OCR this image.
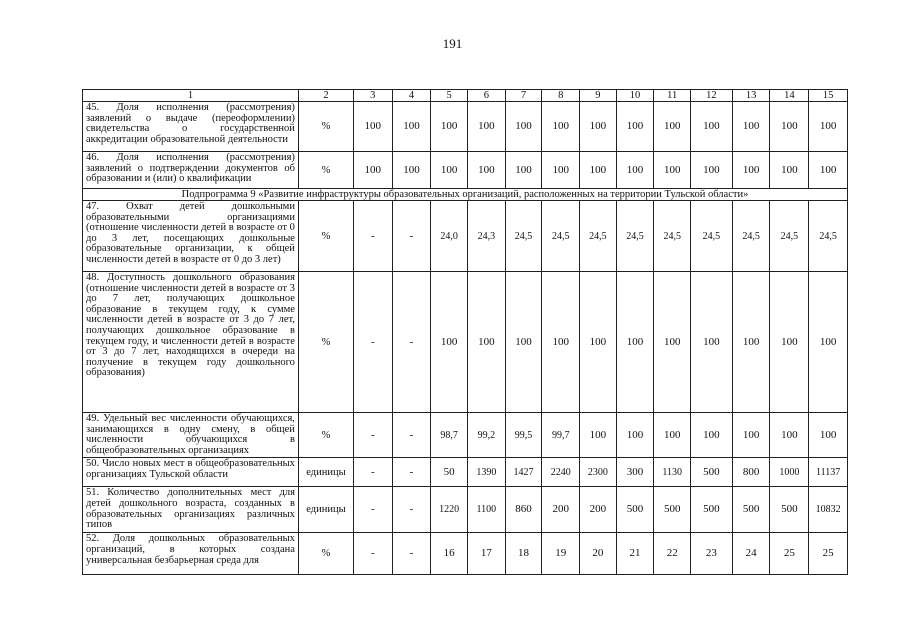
191
1	2	3	4	5	6	7	8	9	10	11	12	13	14	15
45. Доля исполнения (рассмотрения) заявлений о выдаче (переоформлении) свидетельства о государственной аккредитации образовательной деятельности	%	100	100	100	100	100	100	100	100	100	100	100	100	100
46. Доля исполнения (рассмотрения) заявлений о подтверждении документов об образовании и (или) о квалификации	%	100	100	100	100	100	100	100	100	100	100	100	100	100
Подпрограмма 9 «Развитие инфраструктуры образовательных организаций, расположенных на территории Тульской области»														
47. Охват детей дошкольными образовательными организациями (отношение численности детей в возрасте от 0 до 3 лет, посещающих дошкольные образовательные организации, к общей численности детей в возрасте от 0 до 3 лет)	%	-	-	24,0	24,3	24,5	24,5	24,5	24,5	24,5	24,5	24,5	24,5	24,5
48. Доступность дошкольного образования (отношение численности детей в возрасте от 3 до 7 лет, получающих дошкольное образование в текущем году, к сумме численности детей в возрасте от 3 до 7 лет, получающих дошкольное образование в текущем году, и численности детей в возрасте от 3 до 7 лет, находящихся в очереди на получение в текущем году дошкольного образования)	%	-	-	100	100	100	100	100	100	100	100	100	100	100
49. Удельный вес численности обучающихся, занимающихся в одну смену, в общей численности обучающихся в общеобразовательных организациях	%	-	-	98,7	99,2	99,5	99,7	100	100	100	100	100	100	100
50. Число новых мест в общеобразовательных организациях Тульской области	единицы	-	-	50	1390	1427	2240	2300	300	1130	500	800	1000	11137
51. Количество дополнительных мест для детей дошкольного возраста, созданных в образовательных организациях различных типов	единицы	-	-	1220	1100	860	200	200	500	500	500	500	500	10832
52. Доля дошкольных образовательных организаций, в которых создана универсальная безбарьерная среда для	%	-	-	16	17	18	19	20	21	22	23	24	25	25
